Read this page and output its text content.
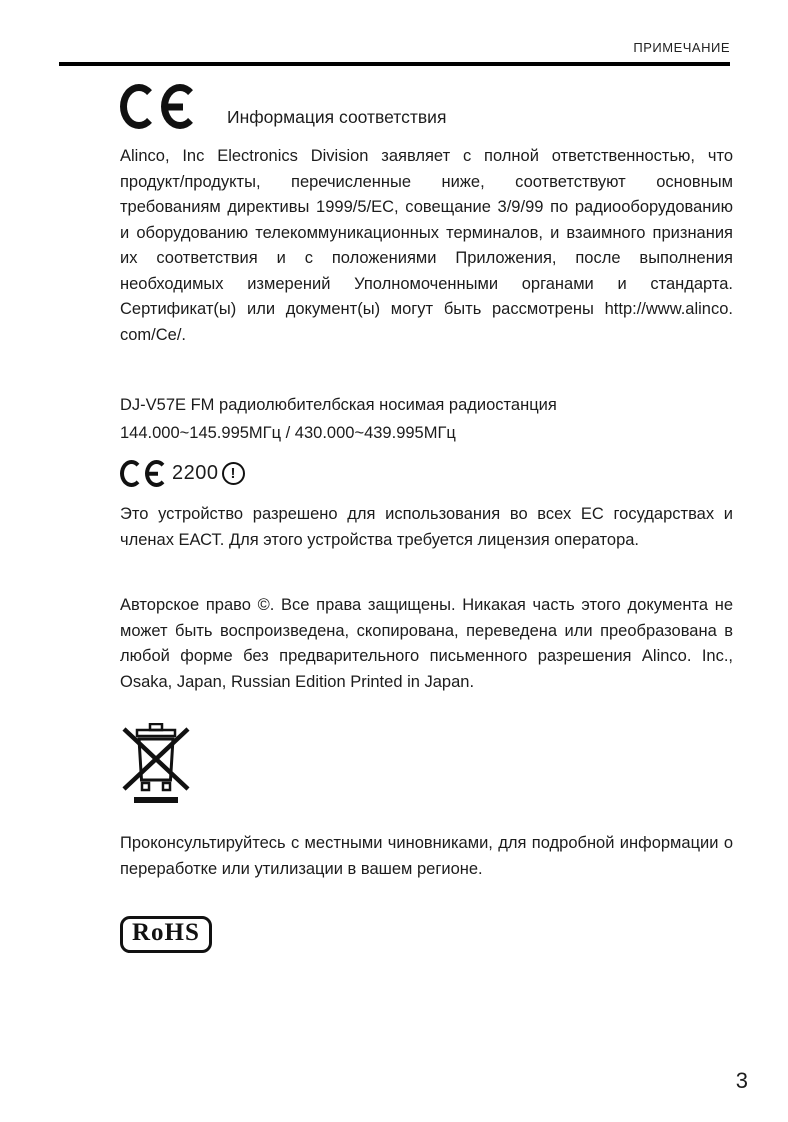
ПРИМЕЧАНИЕ
Информация соответствия

Alinco, Inc Electronics Division заявляет с полной ответственностью, что продукт/продукты, перечисленные ниже, соответствуют основным требованиям директивы 1999/5/EC, совещание 3/9/99 по радиооборудованию и оборудованию телекоммуникационных терминалов, и взаимного признания их соответствия и с положениями Приложения, после выполнения необходимых измерений Уполномоченными органами и стандарта. Сертификат(ы) или документ(ы) могут быть рассмотрены http://www.alinco. com/Ce/.

DJ-V57E FM радиолюбителбская носимая радиостанция

144.000~145.995МГц / 430.000~439.995МГц

2200 !

Это устройство разрешено для использования во всех ЕС государствах и членах ЕАСТ. Для этого устройства требуется лицензия оператора.

Авторское право ©. Все права защищены. Никакая часть этого документа не может быть воспроизведена, скопирована, переведена или преобразована в любой форме без предварительного письменного разрешения Alinco. Inc., Osaka, Japan, Russian Edition Printed in Japan.

Проконсультируйтесь с местными чиновниками, для подробной информации о переработке или утилизации в вашем регионе.

RoHS
3
